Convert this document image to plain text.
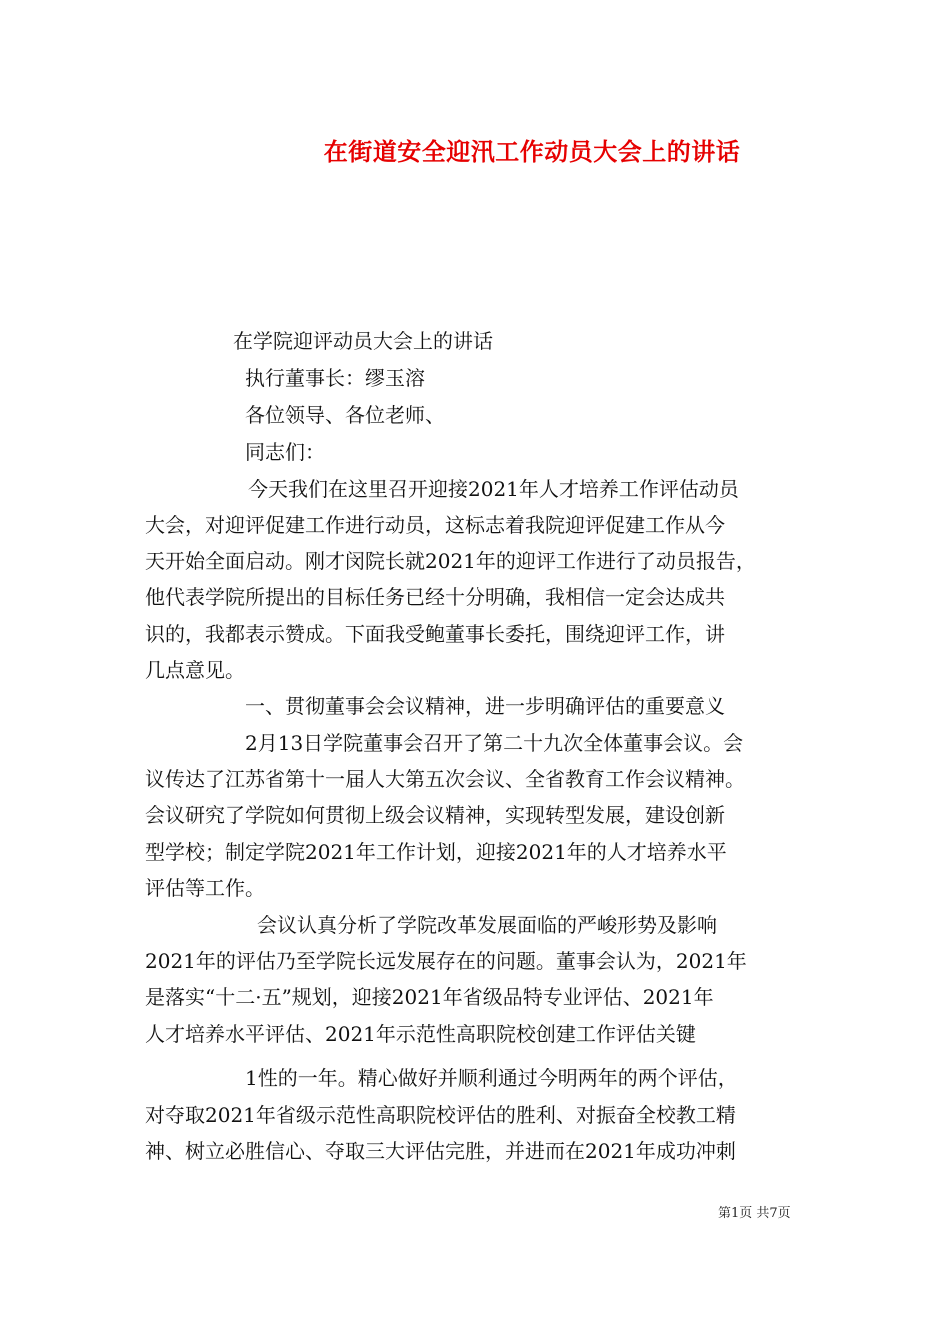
在街道安全迎汛工作动员大会上的讲话
在学院迎评动员大会上的讲话
执行董事长：缪玉溶
各位领导、各位老师、
同志们：
今天我们在这里召开迎接2021年人才培养工作评估动员
大会，对迎评促建工作进行动员，这标志着我院迎评促建工作从今
天开始全面启动。刚才闵院长就2021年的迎评工作进行了动员报告，
他代表学院所提出的目标任务已经十分明确，我相信一定会达成共
识的，我都表示赞成。下面我受鲍董事长委托，围绕迎评工作，讲
几点意见。
一、贯彻董事会会议精神，进一步明确评估的重要意义
2月13日学院董事会召开了第二十九次全体董事会议。会
议传达了江苏省第十一届人大第五次会议、全省教育工作会议精神。
会议研究了学院如何贯彻上级会议精神，实现转型发展，建设创新
型学校；制定学院2021年工作计划，迎接2021年的人才培养水平
评估等工作。
会议认真分析了学院改革发展面临的严峻形势及影响
2021年的评估乃至学院长远发展存在的问题。董事会认为，2021年
是落实“十二·五”规划，迎接2021年省级品特专业评估、2021年
人才培养水平评估、2021年示范性高职院校创建工作评估关键
1性的一年。精心做好并顺利通过今明两年的两个评估，
对夺取2021年省级示范性高职院校评估的胜利、对振奋全校教工精
神、树立必胜信心、夺取三大评估完胜，并进而在2021年成功冲刺
第1页 共7页
